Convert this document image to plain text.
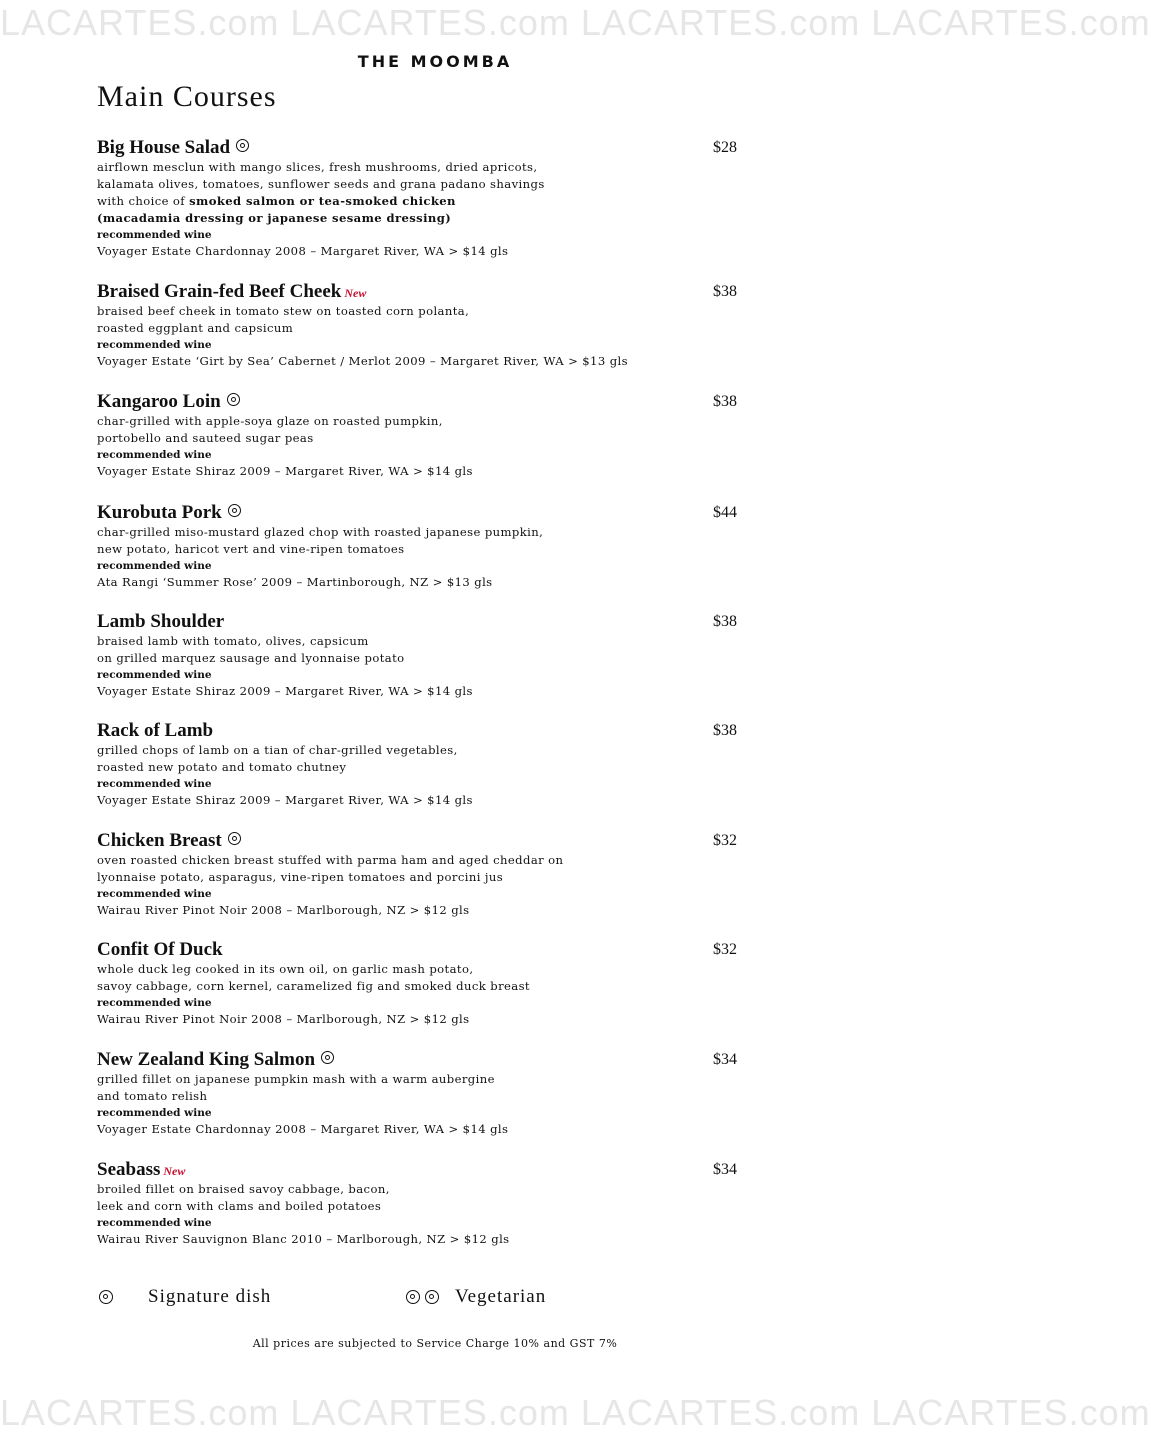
LACARTES.com LACARTES.com LACARTES.com LACARTES.com
THE MOOMBA
Main Courses
Big House Salad	$28
airflown mesclun with mango slices, fresh mushrooms, dried apricots,
kalamata olives, tomatoes, sunflower seeds and grana padano shavings
with choice of smoked salmon or tea-smoked chicken
(macadamia dressing or japanese sesame dressing)
recommended wine
Voyager Estate Chardonnay 2008 – Margaret River, WA > $14 gls
Braised Grain-fed Beef Cheek New	$38
braised beef cheek in tomato stew on toasted corn polanta,
roasted eggplant and capsicum
recommended wine
Voyager Estate ‘Girt by Sea’ Cabernet / Merlot 2009 – Margaret River, WA > $13 gls
Kangaroo Loin	$38
char-grilled with apple-soya glaze on roasted pumpkin,
portobello and sauteed sugar peas
recommended wine
Voyager Estate Shiraz 2009 – Margaret River, WA > $14 gls
Kurobuta Pork	$44
char-grilled miso-mustard glazed chop with roasted japanese pumpkin,
new potato, haricot vert and vine-ripen tomatoes
recommended wine
Ata Rangi ‘Summer Rose’ 2009 – Martinborough, NZ > $13 gls
Lamb Shoulder	$38
braised lamb with tomato, olives, capsicum
on grilled marquez sausage and lyonnaise potato
recommended wine
Voyager Estate Shiraz 2009 – Margaret River, WA > $14 gls
Rack of Lamb	$38
grilled chops of lamb on a tian of char-grilled vegetables,
roasted new potato and tomato chutney
recommended wine
Voyager Estate Shiraz 2009 – Margaret River, WA > $14 gls
Chicken Breast	$32
oven roasted chicken breast stuffed with parma ham and aged cheddar on
lyonnaise potato, asparagus, vine-ripen tomatoes and porcini jus
recommended wine
Wairau River Pinot Noir 2008 – Marlborough, NZ > $12 gls
Confit Of Duck	$32
whole duck leg cooked in its own oil, on garlic mash potato,
savoy cabbage, corn kernel, caramelized fig and smoked duck breast
recommended wine
Wairau River Pinot Noir 2008 – Marlborough, NZ > $12 gls
New Zealand King Salmon	$34
grilled fillet on japanese pumpkin mash with a warm aubergine
and tomato relish
recommended wine
Voyager Estate Chardonnay 2008 – Margaret River, WA > $14 gls
Seabass New	$34
broiled fillet on braised savoy cabbage, bacon,
leek and corn with clams and boiled potatoes
recommended wine
Wairau River Sauvignon Blanc 2010 – Marlborough, NZ > $12 gls
Signature dish	Vegetarian
All prices are subjected to Service Charge 10% and GST 7%
LACARTES.com LACARTES.com LACARTES.com LACARTES.com
